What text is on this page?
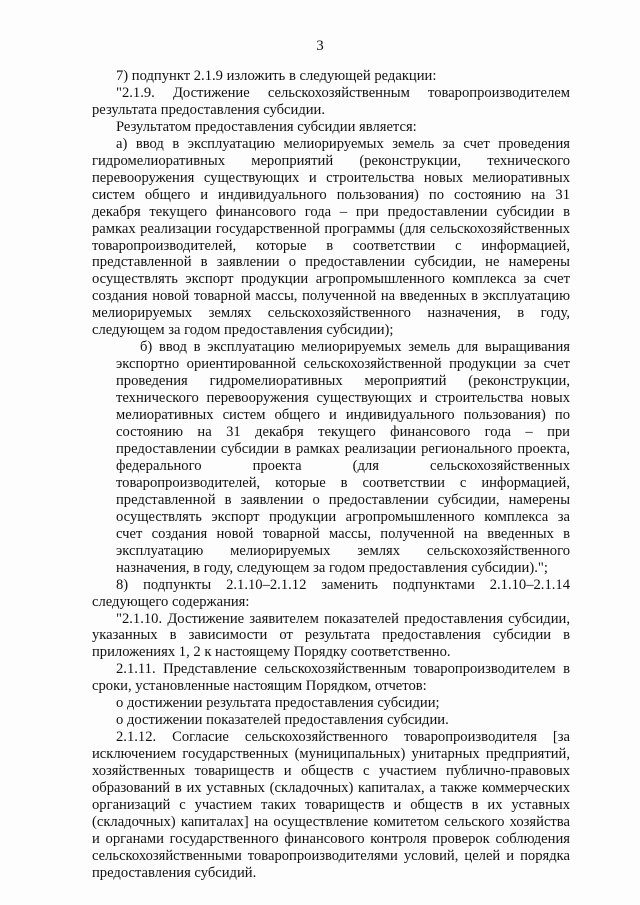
3

7) подпункт 2.1.9 изложить в следующей редакции:

"2.1.9. Достижение сельскохозяйственным товаропроизводителем результата предоставления субсидии.

Результатом предоставления субсидии является:

а) ввод в эксплуатацию мелиорируемых земель за счет проведения гидромелиоративных мероприятий (реконструкции, технического перевооружения существующих и строительства новых мелиоративных систем общего и индивидуального пользования) по состоянию на 31 декабря текущего финансового года – при предоставлении субсидии в рамках реализации государственной программы (для сельскохозяйственных товаропроизводителей, которые в соответствии с информацией, представленной в заявлении о предоставлении субсидии, не намерены осуществлять экспорт продукции агропромышленного комплекса за счет создания новой товарной массы, полученной на введенных в эксплуатацию мелиорируемых землях сельскохозяйственного назначения, в году, следующем за годом предоставления субсидии);

б) ввод в эксплуатацию мелиорируемых земель для выращивания экспортно ориентированной сельскохозяйственной продукции за счет проведения гидромелиоративных мероприятий (реконструкции, технического перевооружения существующих и строительства новых мелиоративных систем общего и индивидуального пользования) по состоянию на 31 декабря текущего финансового года – при предоставлении субсидии в рамках реализации регионального проекта, федерального проекта (для сельскохозяйственных товаропроизводителей, которые в соответствии с информацией, представленной в заявлении о предоставлении субсидии, намерены осуществлять экспорт продукции агропромышленного комплекса за счет создания новой товарной массы, полученной на введенных в эксплуатацию мелиорируемых землях сельскохозяйственного назначения, в году, следующем за годом предоставления субсидии).";

8) подпункты 2.1.10–2.1.12 заменить подпунктами 2.1.10–2.1.14 следующего содержания:

"2.1.10. Достижение заявителем показателей предоставления субсидии, указанных в зависимости от результата предоставления субсидии в приложениях 1, 2 к настоящему Порядку соответственно.

2.1.11. Представление сельскохозяйственным товаропроизводителем в сроки, установленные настоящим Порядком, отчетов:

о достижении результата предоставления субсидии;

о достижении показателей предоставления субсидии.

2.1.12. Согласие сельскохозяйственного товаропроизводителя [за исключением государственных (муниципальных) унитарных предприятий, хозяйственных товариществ и обществ с участием публично-правовых образований в их уставных (складочных) капиталах, а также коммерческих организаций с участием таких товариществ и обществ в их уставных (складочных) капиталах] на осуществление комитетом сельского хозяйства и органами государственного финансового контроля проверок соблюдения сельскохозяйственными товаропроизводителями условий, целей и порядка предоставления субсидий.
